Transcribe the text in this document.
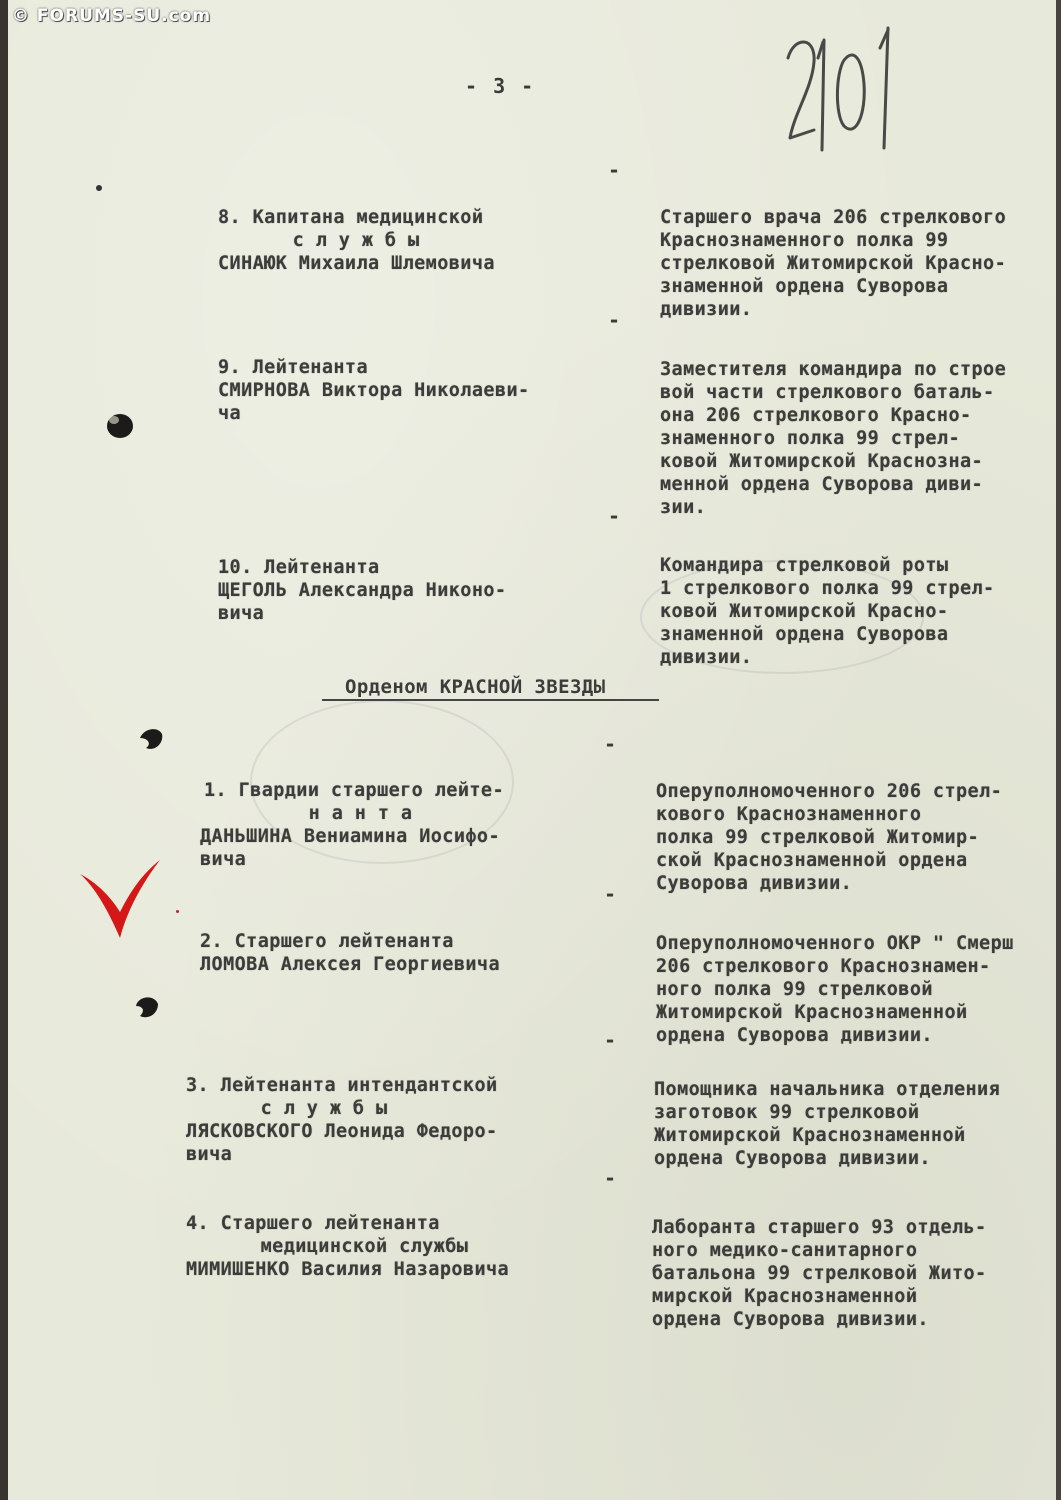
© FORUMS-SU.com
- 3 -

8. Капитана медицинской
с л у ж б ы
СИНАЮК Михаила Шлемовича

-

Старшего врача 206 стрелкового
Краснознаменного полка 99
стрелковой Житомирской Красно-
знаменной ордена Суворова
дивизии.

9. Лейтенанта
СМИРНОВА Виктора Николаеви-
ча

-

Заместителя командира по строе
вой части стрелкового баталь-
она 206 стрелкового Красно-
знаменного полка 99 стрел-
ковой Житомирской Краснозна-
менной ордена Суворова диви-
зии.

10. Лейтенанта
ЩЕГОЛЬ Александра Никоно-
вича

-

Командира стрелковой роты
1 стрелкового полка 99 стрел-
ковой Житомирской Красно-
знаменной ордена Суворова
дивизии.

Орденом КРАСНОЙ ЗВЕЗДЫ

1. Гвардии старшего лейте-
н а н т а
ДАНЬШИНА Вениамина Иосифо-
вича

-

Оперуполномоченного 206 стрел-
кового Краснознаменного
полка 99 стрелковой Житомир-
ской Краснознаменной ордена
Суворова дивизии.

2. Старшего лейтенанта
ЛОМОВА Алексея Георгиевича

-

Оперуполномоченного ОКР " Смерш
206 стрелкового Краснознамен-
ного полка 99 стрелковой
Житомирской Краснознаменной
ордена Суворова дивизии.

3. Лейтенанта интендантской
с л у ж б ы
ЛЯСКОВСКОГО Леонида Федоро-
вича

-

Помощника начальника отделения
заготовок 99 стрелковой
Житомирской Краснознаменной
ордена Суворова дивизии.

4. Старшего лейтенанта
медицинской службы
МИМИШЕНКО Василия Назаровича

-

Лаборанта старшего 93 отдель-
ного медико-санитарного
батальона 99 стрелковой Жито-
мирской Краснознаменной
ордена Суворова дивизии.
